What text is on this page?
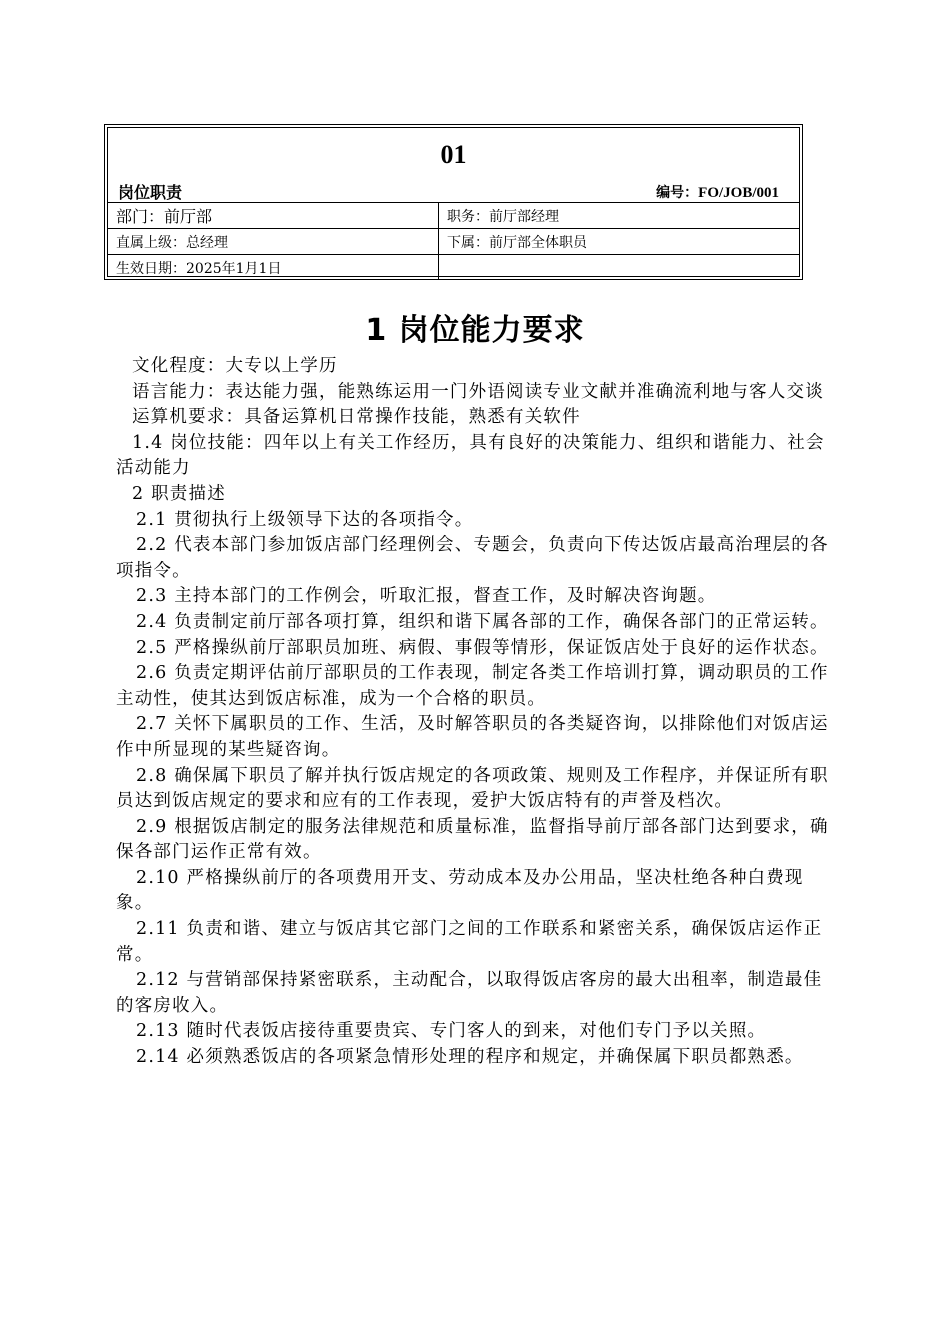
01
岗位职责	编号：FO/JOB/001
部门：前厅部	职务：前厅部经理
直属上级：总经理	下属：前厅部全体职员
生效日期：2025年1月1日
1 岗位能力要求

文化程度：大专以上学历

语言能力：表达能力强，能熟练运用一门外语阅读专业文献并准确流利地与客人交谈

运算机要求：具备运算机日常操作技能，熟悉有关软件

1.4 岗位技能：四年以上有关工作经历，具有良好的决策能力、组织和谐能力、社会活动能力

2 职责描述

2.1 贯彻执行上级领导下达的各项指令。

2.2 代表本部门参加饭店部门经理例会、专题会，负责向下传达饭店最高治理层的各项指令。

2.3 主持本部门的工作例会，听取汇报，督查工作，及时解决咨询题。

2.4 负责制定前厅部各项打算，组织和谐下属各部的工作，确保各部门的正常运转。

2.5 严格操纵前厅部职员加班、病假、事假等情形，保证饭店处于良好的运作状态。

2.6 负责定期评估前厅部职员的工作表现，制定各类工作培训打算，调动职员的工作主动性，使其达到饭店标准，成为一个合格的职员。

2.7 关怀下属职员的工作、生活，及时解答职员的各类疑咨询，以排除他们对饭店运作中所显现的某些疑咨询。

2.8 确保属下职员了解并执行饭店规定的各项政策、规则及工作程序，并保证所有职员达到饭店规定的要求和应有的工作表现，爱护大饭店特有的声誉及档次。

2.9 根据饭店制定的服务法律规范和质量标准，监督指导前厅部各部门达到要求，确保各部门运作正常有效。

2.10 严格操纵前厅的各项费用开支、劳动成本及办公用品，坚决杜绝各种白费现象。

2.11 负责和谐、建立与饭店其它部门之间的工作联系和紧密关系，确保饭店运作正常。

2.12 与营销部保持紧密联系，主动配合，以取得饭店客房的最大出租率，制造最佳的客房收入。

2.13 随时代表饭店接待重要贵宾、专门客人的到来，对他们专门予以关照。

2.14 必须熟悉饭店的各项紧急情形处理的程序和规定，并确保属下职员都熟悉。
